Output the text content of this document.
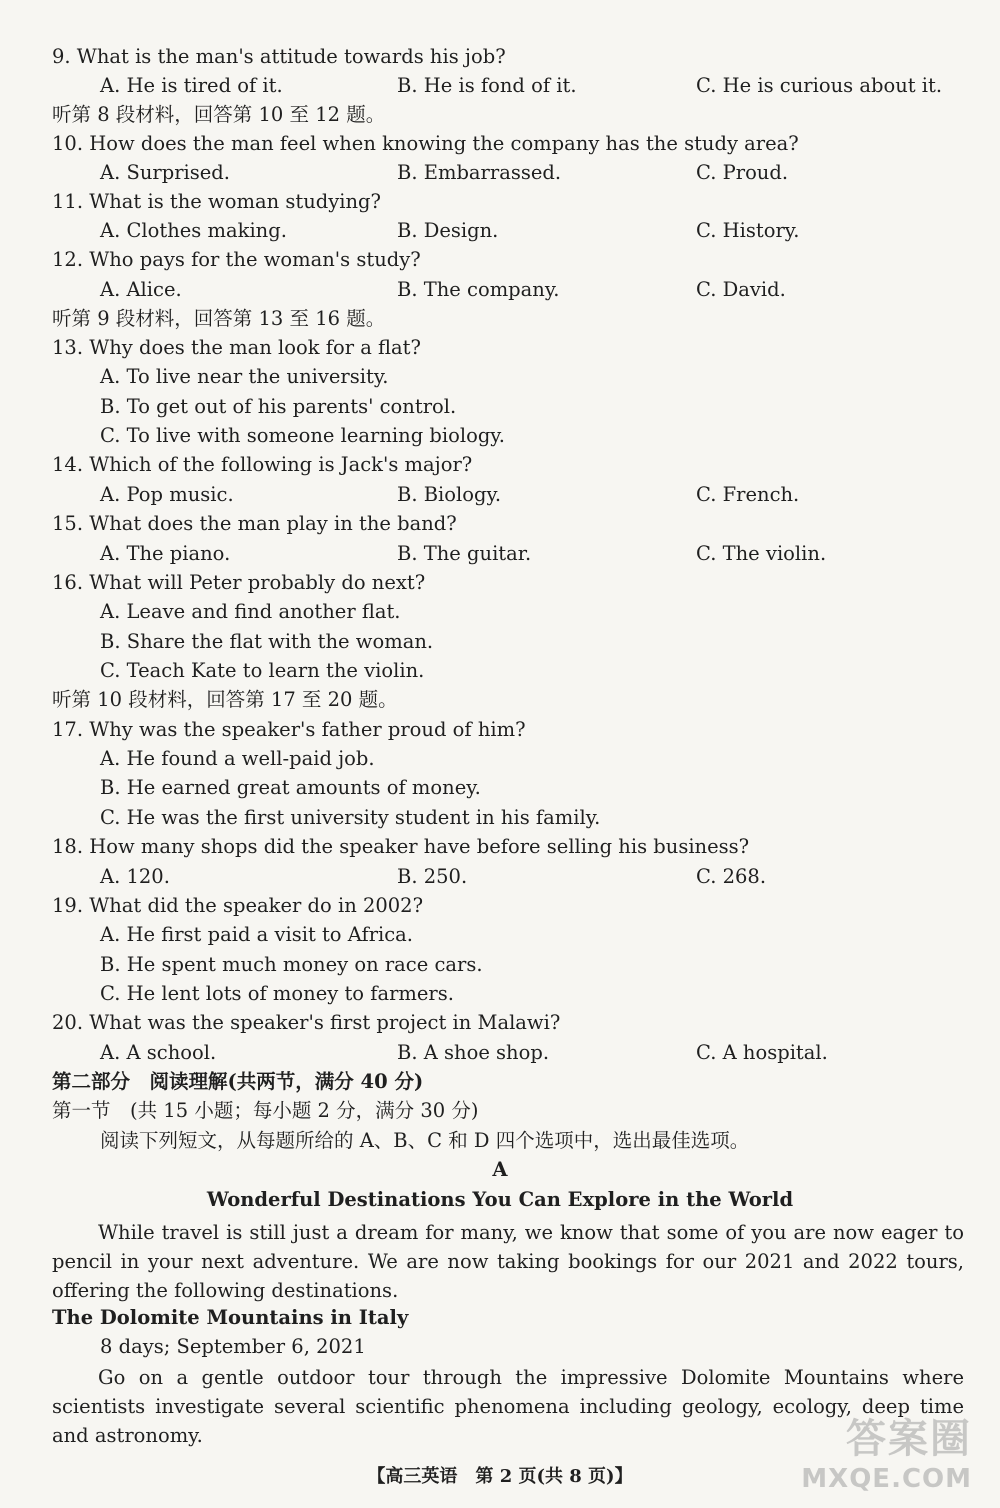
9. What is the man's attitude towards his job?
A. He is tired of it.	B. He is fond of it.	C. He is curious about it.
听第 8 段材料，回答第 10 至 12 题。
10. How does the man feel when knowing the company has the study area?
A. Surprised.	B. Embarrassed.	C. Proud.
11. What is the woman studying?
A. Clothes making.	B. Design.	C. History.
12. Who pays for the woman's study?
A. Alice.	B. The company.	C. David.
听第 9 段材料，回答第 13 至 16 题。
13. Why does the man look for a flat?
A. To live near the university.
B. To get out of his parents' control.
C. To live with someone learning biology.
14. Which of the following is Jack's major?
A. Pop music.	B. Biology.	C. French.
15. What does the man play in the band?
A. The piano.	B. The guitar.	C. The violin.
16. What will Peter probably do next?
A. Leave and find another flat.
B. Share the flat with the woman.
C. Teach Kate to learn the violin.
听第 10 段材料，回答第 17 至 20 题。
17. Why was the speaker's father proud of him?
A. He found a well-paid job.
B. He earned great amounts of money.
C. He was the first university student in his family.
18. How many shops did the speaker have before selling his business?
A. 120.	B. 250.	C. 268.
19. What did the speaker do in 2002?
A. He first paid a visit to Africa.
B. He spent much money on race cars.
C. He lent lots of money to farmers.
20. What was the speaker's first project in Malawi?
A. A school.	B. A shoe shop.	C. A hospital.
第二部分　阅读理解(共两节，满分 40 分)
第一节　(共 15 小题；每小题 2 分，满分 30 分)
阅读下列短文，从每题所给的 A、B、C 和 D 四个选项中，选出最佳选项。
A
Wonderful Destinations You Can Explore in the World
While travel is still just a dream for many, we know that some of you are now eager to pencil in your next adventure. We are now taking bookings for our 2021 and 2022 tours, offering the following destinations.
The Dolomite Mountains in Italy
8 days; September 6, 2021
Go on a gentle outdoor tour through the impressive Dolomite Mountains where scientists investigate several scientific phenomena including geology, ecology, deep time and astronomy.
【高三英语　第 2 页(共 8 页)】
答案圈
MXQE.COM
